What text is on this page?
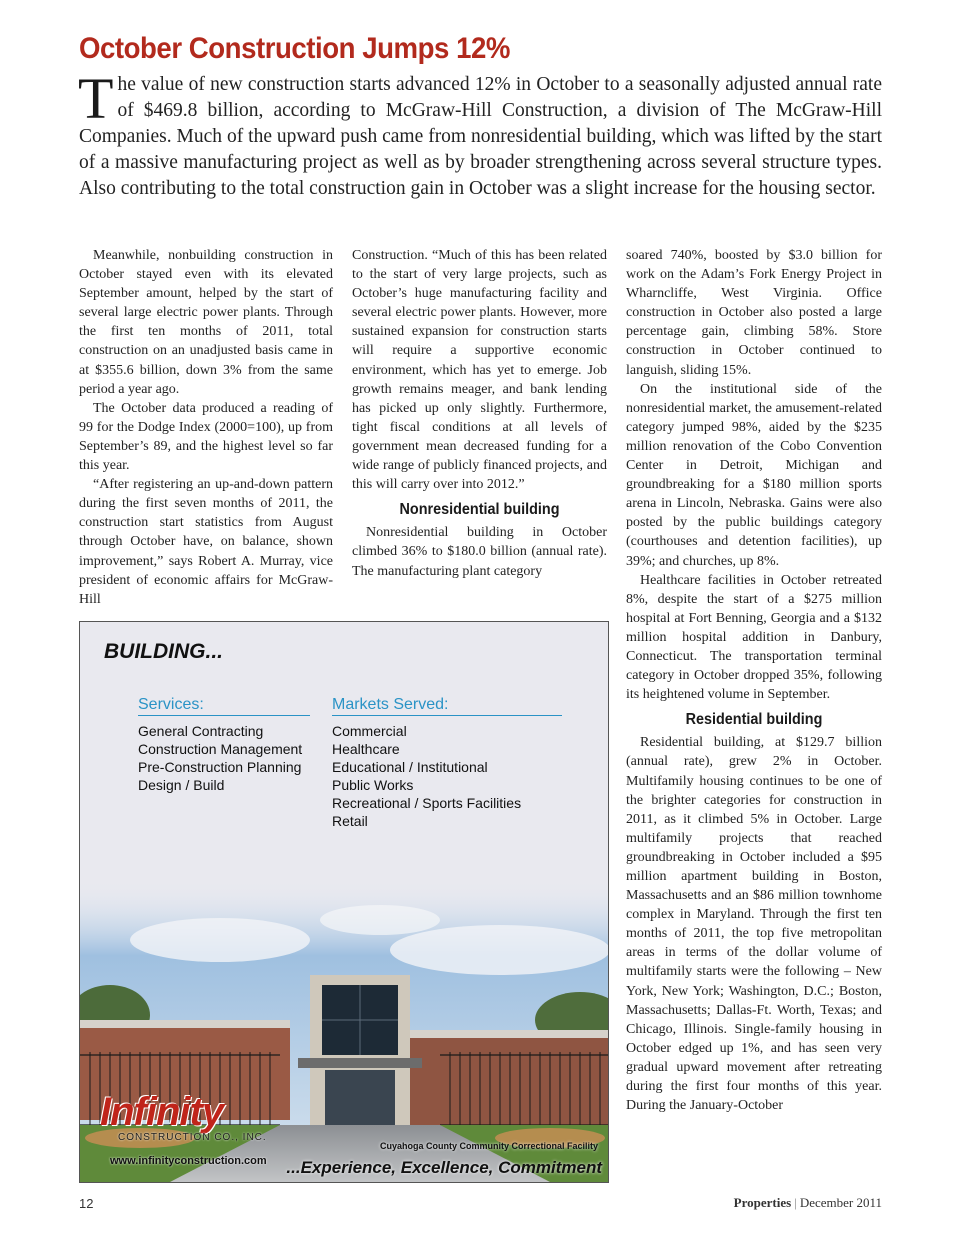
October Construction Jumps 12%

The value of new construction starts advanced 12% in October to a seasonally adjusted annual rate of $469.8 billion, according to McGraw-Hill Construction, a division of The McGraw-Hill Companies. Much of the upward push came from nonresidential building, which was lifted by the start of a massive manufacturing project as well as by broader strengthening across several structure types. Also contributing to the total construction gain in October was a slight increase for the housing sector.

Meanwhile, nonbuilding construction in October stayed even with its elevated September amount, helped by the start of several large electric power plants. Through the first ten months of 2011, total construction on an unadjusted basis came in at $355.6 billion, down 3% from the same period a year ago.

The October data produced a reading of 99 for the Dodge Index (2000=100), up from September’s 89, and the highest level so far this year.

“After registering an up-and-down pattern during the first seven months of 2011, the construction start statistics from August through October have, on balance, shown improvement,” says Robert A. Murray, vice president of economic affairs for McGraw-Hill

Construction. “Much of this has been related to the start of very large projects, such as October’s huge manufacturing facility and several electric power plants. However, more sustained expansion for construction starts will require a supportive economic environment, which has yet to emerge. Job growth remains meager, and bank lending has picked up only slightly. Furthermore, tight fiscal conditions at all levels of government mean decreased funding for a wide range of publicly financed projects, and this will carry over into 2012.”

Nonresidential building

Nonresidential building in October climbed 36% to $180.0 billion (annual rate). The manufacturing plant category

soared 740%, boosted by $3.0 billion for work on the Adam’s Fork Energy Project in Wharncliffe, West Virginia. Office construction in October also posted a large percentage gain, climbing 58%. Store construction in October continued to languish, sliding 15%.

On the institutional side of the nonresidential market, the amusement-related category jumped 98%, aided by the $235 million renovation of the Cobo Convention Center in Detroit, Michigan and groundbreaking for a $180 million sports arena in Lincoln, Nebraska. Gains were also posted by the public buildings category (courthouses and detention facilities), up 39%; and churches, up 8%.

Healthcare facilities in October retreated 8%, despite the start of a $275 million hospital at Fort Benning, Georgia and a $132 million hospital addition in Danbury, Connecticut. The transportation terminal category in October dropped 35%, following its heightened volume in September.

Residential building

Residential building, at $129.7 billion (annual rate), grew 2% in October. Multifamily housing continues to be one of the brighter categories for construction in 2011, as it climbed 5% in October. Large multifamily projects that reached groundbreaking in October included a $95 million apartment building in Boston, Massachusetts and an $86 million townhome complex in Maryland. Through the first ten months of 2011, the top five metropolitan areas in terms of the dollar volume of multifamily starts were the following – New York, New York; Washington, D.C.; Boston, Massachusetts; Dallas-Ft. Worth, Texas; and Chicago, Illinois. Single-family housing in October edged up 1%, and has seen very gradual upward movement after retreating during the first four months of this year. During the January-October

BUILDING...
Services:
General Contracting
Construction Management
Pre-Construction Planning
Design / Build
Markets Served:
Commercial
Healthcare
Educational / Institutional
Public Works
Recreational / Sports Facilities
Retail
Infinity
CONSTRUCTION CO., INC.
www.infinityconstruction.com
Cuyahoga County Community Correctional Facility
...Experience, Excellence, Commitment
12	Properties | December 2011
